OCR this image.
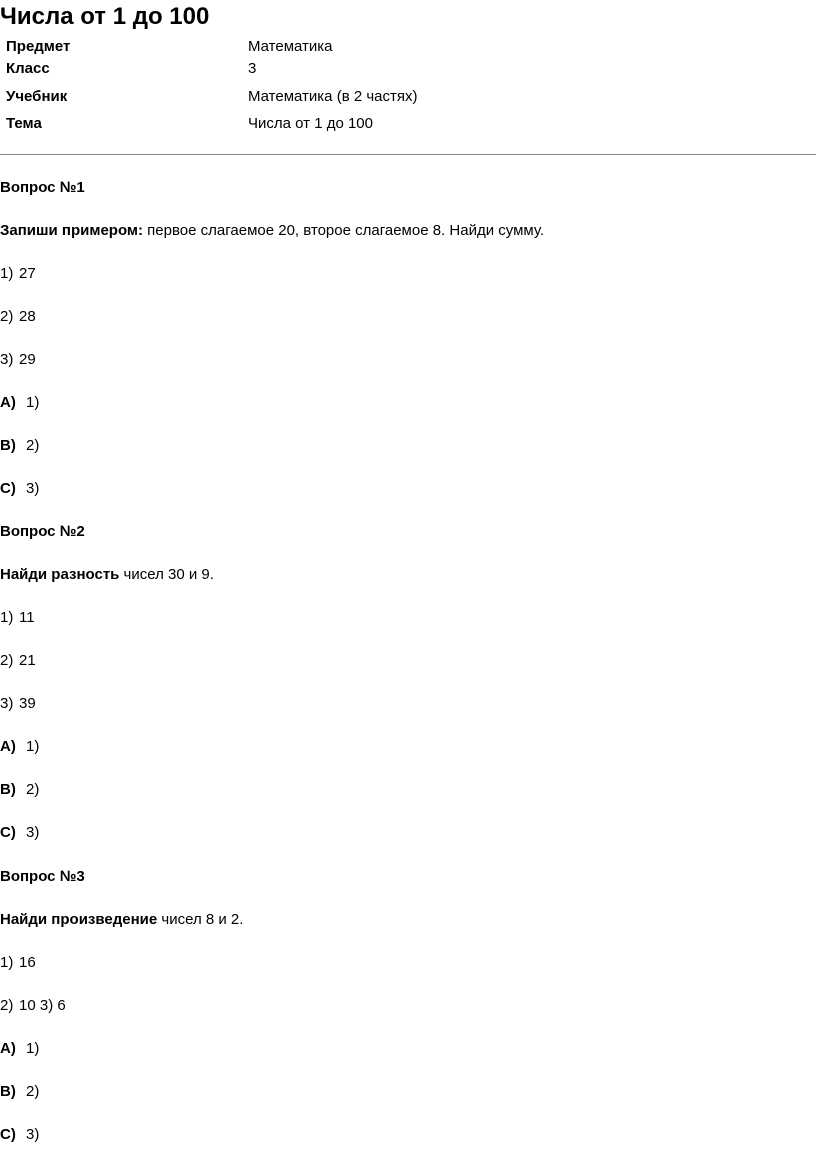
Числа от 1 до 100
Предмет	Математика
Класс	3
Учебник	Математика (в 2 частях)
Тема	Числа от 1 до 100
Вопрос №1
Запиши примером: первое слагаемое 20, второе слагаемое 8. Найди сумму.
1) 27
2) 28
3) 29
A) 1)
B) 2)
C) 3)
Вопрос №2
Найди разность чисел 30 и 9.
1) 11
2) 21
3) 39
A) 1)
B) 2)
C) 3)
Вопрос №3
Найди произведение чисел 8 и 2.
1) 16
2) 10 3) 6
A) 1)
B) 2)
C) 3)
